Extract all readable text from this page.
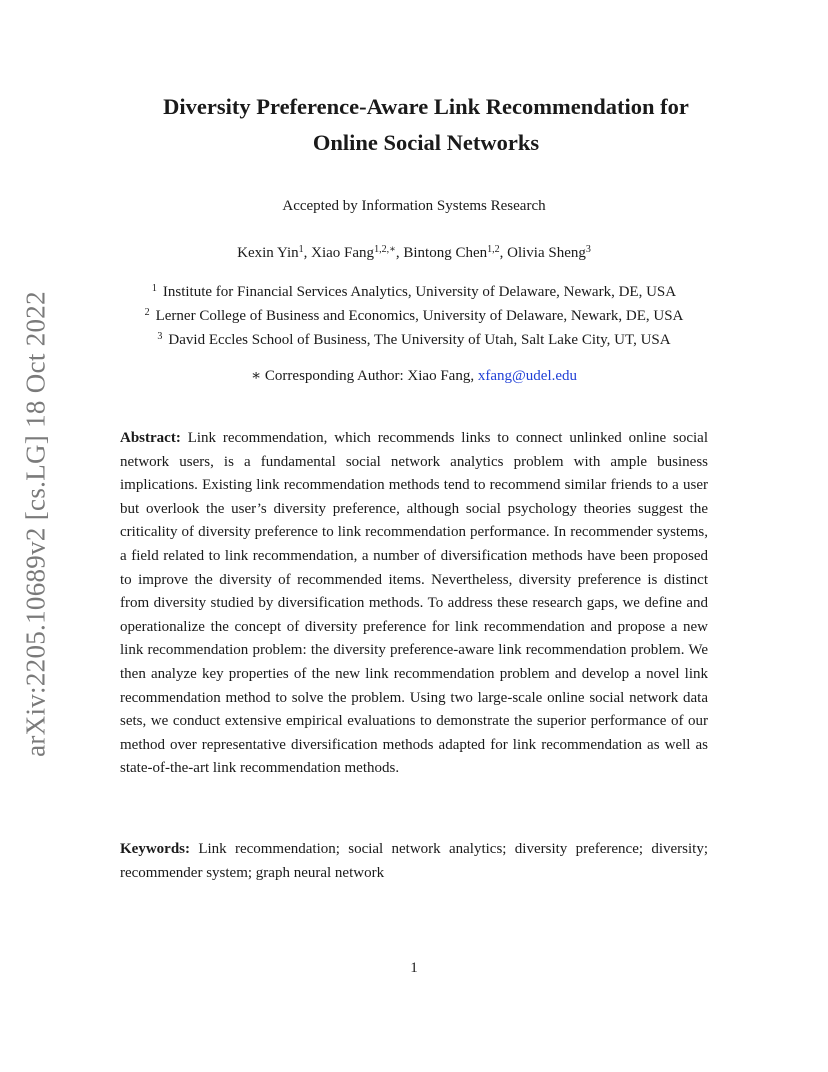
arXiv:2205.10689v2 [cs.LG] 18 Oct 2022
Diversity Preference-Aware Link Recommendation for
Online Social Networks
Accepted by Information Systems Research
Kexin Yin$^1$, Xiao Fang$^{1,2,∗}$, Bintong Chen$^{1,2}$, Olivia Sheng$^3$
$^1$ Institute for Financial Services Analytics, University of Delaware, Newark, DE, USA
$^2$ Lerner College of Business and Economics, University of Delaware, Newark, DE, USA
$^3$ David Eccles School of Business, The University of Utah, Salt Lake City, UT, USA
∗ Corresponding Author: Xiao Fang, xfang@udel.edu

Abstract: Link recommendation, which recommends links to connect unlinked online social network users, is a fundamental social network analytics problem with ample business implications. Existing link recommendation methods tend to recommend similar friends to a user but overlook the user’s diversity preference, although social psychology theories suggest the criticality of diversity preference to link recommendation performance. In recommender systems, a field related to link recommendation, a number of diversification methods have been proposed to improve the diversity of recommended items. Nevertheless, diversity preference is distinct from diversity studied by diversification methods. To address these research gaps, we define and operationalize the concept of diversity preference for link recommendation and propose a new link recommendation problem: the diversity preference-aware link recommendation problem. We then analyze key properties of the new link recommendation problem and develop a novel link recommendation method to solve the problem. Using two large-scale online social network data sets, we conduct extensive empirical evaluations to demonstrate the superior performance of our method over representative diversification methods adapted for link recommendation as well as state-of-the-art link recommendation methods.

Keywords: Link recommendation; social network analytics; diversity preference; diversity; recommender system; graph neural network

1
